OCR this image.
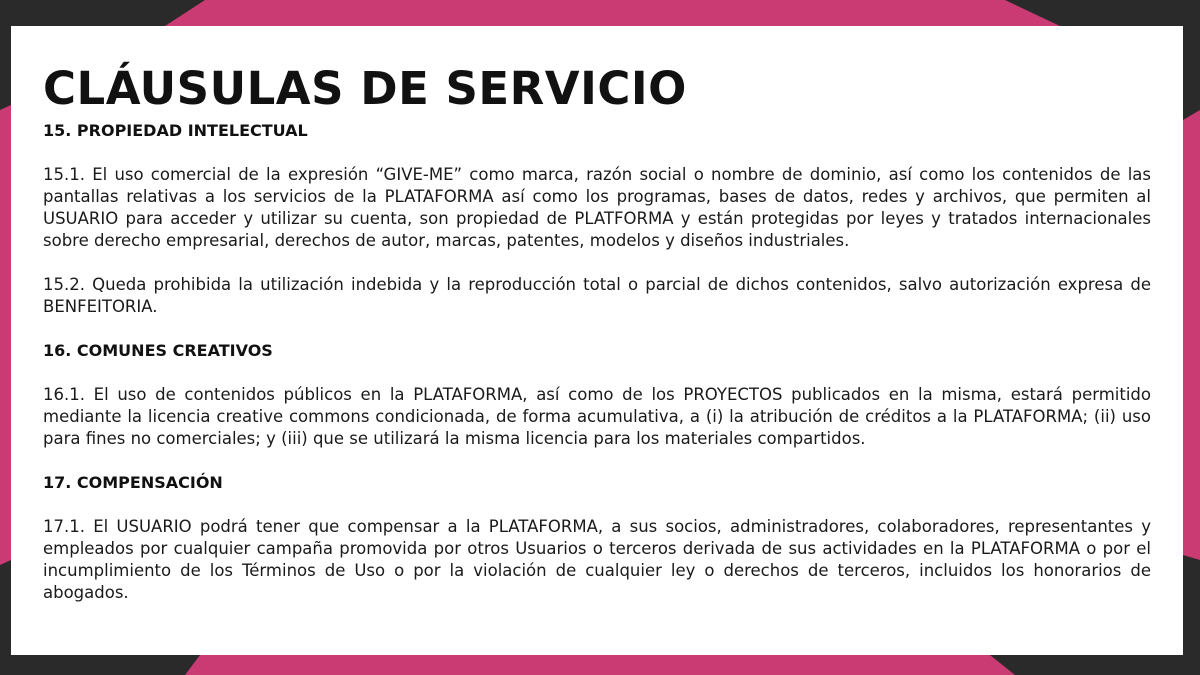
CLÁUSULAS DE SERVICIO
15. PROPIEDAD INTELECTUAL

15.1. El uso comercial de la expresión “GIVE-ME” como marca, razón social o nombre de dominio, así como los contenidos de las pantallas relativas a los servicios de la PLATAFORMA así como los programas, bases de datos, redes y archivos, que permiten al USUARIO para acceder y utilizar su cuenta, son propiedad de PLATFORMA y están protegidas por leyes y tratados internacionales sobre derecho empresarial, derechos de autor, marcas, patentes, modelos y diseños industriales.

15.2. Queda prohibida la utilización indebida y la reproducción total o parcial de dichos contenidos, salvo autorización expresa de BENFEITORIA.

16. COMUNES CREATIVOS

16.1. El uso de contenidos públicos en la PLATAFORMA, así como de los PROYECTOS publicados en la misma, estará permitido mediante la licencia creative commons condicionada, de forma acumulativa, a (i) la atribución de créditos a la PLATAFORMA; (ii) uso para fines no comerciales; y (iii) que se utilizará la misma licencia para los materiales compartidos.

17. COMPENSACIÓN

17.1. El USUARIO podrá tener que compensar a la PLATAFORMA, a sus socios, administradores, colaboradores, representantes y empleados por cualquier campaña promovida por otros Usuarios o terceros derivada de sus actividades en la PLATAFORMA o por el incumplimiento de los Términos de Uso o por la violación de cualquier ley o derechos de terceros, incluidos los honorarios de abogados.
